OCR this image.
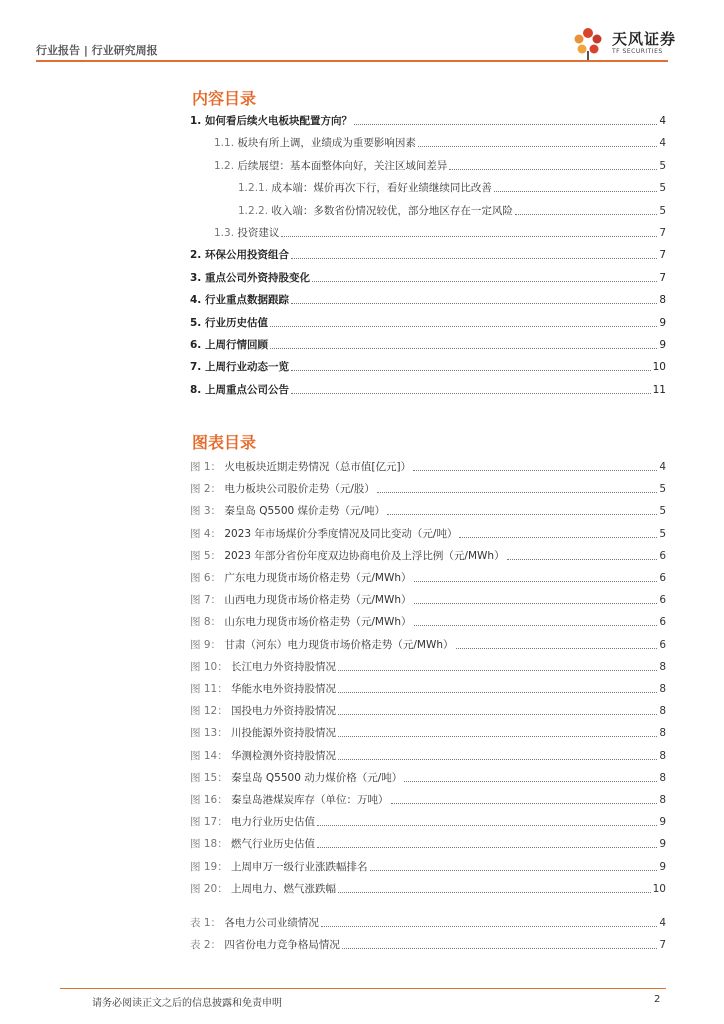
行业报告 | 行业研究周报
天风证券
TF SECURITIES
内容目录
1. 如何看后续火电板块配置方向？	4
1.1. 板块有所上调，业绩成为重要影响因素	4
1.2. 后续展望：基本面整体向好，关注区域间差异	5
1.2.1. 成本端：煤价再次下行，看好业绩继续同比改善	5
1.2.2. 收入端：多数省份情况较优，部分地区存在一定风险	5
1.3. 投资建议	7
2. 环保公用投资组合	7
3. 重点公司外资持股变化	7
4. 行业重点数据跟踪	8
5. 行业历史估值	9
6. 上周行情回顾	9
7. 上周行业动态一览	10
8. 上周重点公司公告	11
图表目录
图 1： 火电板块近期走势情况（总市值[亿元]）	4
图 2： 电力板块公司股价走势（元/股）	5
图 3： 秦皇岛 Q5500 煤价走势（元/吨）	5
图 4： 2023 年市场煤价分季度情况及同比变动（元/吨）	5
图 5： 2023 年部分省份年度双边协商电价及上浮比例（元/MWh）	6
图 6： 广东电力现货市场价格走势（元/MWh）	6
图 7： 山西电力现货市场价格走势（元/MWh）	6
图 8： 山东电力现货市场价格走势（元/MWh）	6
图 9： 甘肃（河东）电力现货市场价格走势（元/MWh）	6
图 10： 长江电力外资持股情况	8
图 11： 华能水电外资持股情况	8
图 12： 国投电力外资持股情况	8
图 13： 川投能源外资持股情况	8
图 14： 华测检测外资持股情况	8
图 15： 秦皇岛 Q5500 动力煤价格（元/吨）	8
图 16： 秦皇岛港煤炭库存（单位：万吨）	8
图 17： 电力行业历史估值	9
图 18： 燃气行业历史估值	9
图 19： 上周申万一级行业涨跌幅排名	9
图 20： 上周电力、燃气涨跌幅	10
表 1： 各电力公司业绩情况	4
表 2： 四省份电力竞争格局情况	7
请务必阅读正文之后的信息披露和免责申明	2
